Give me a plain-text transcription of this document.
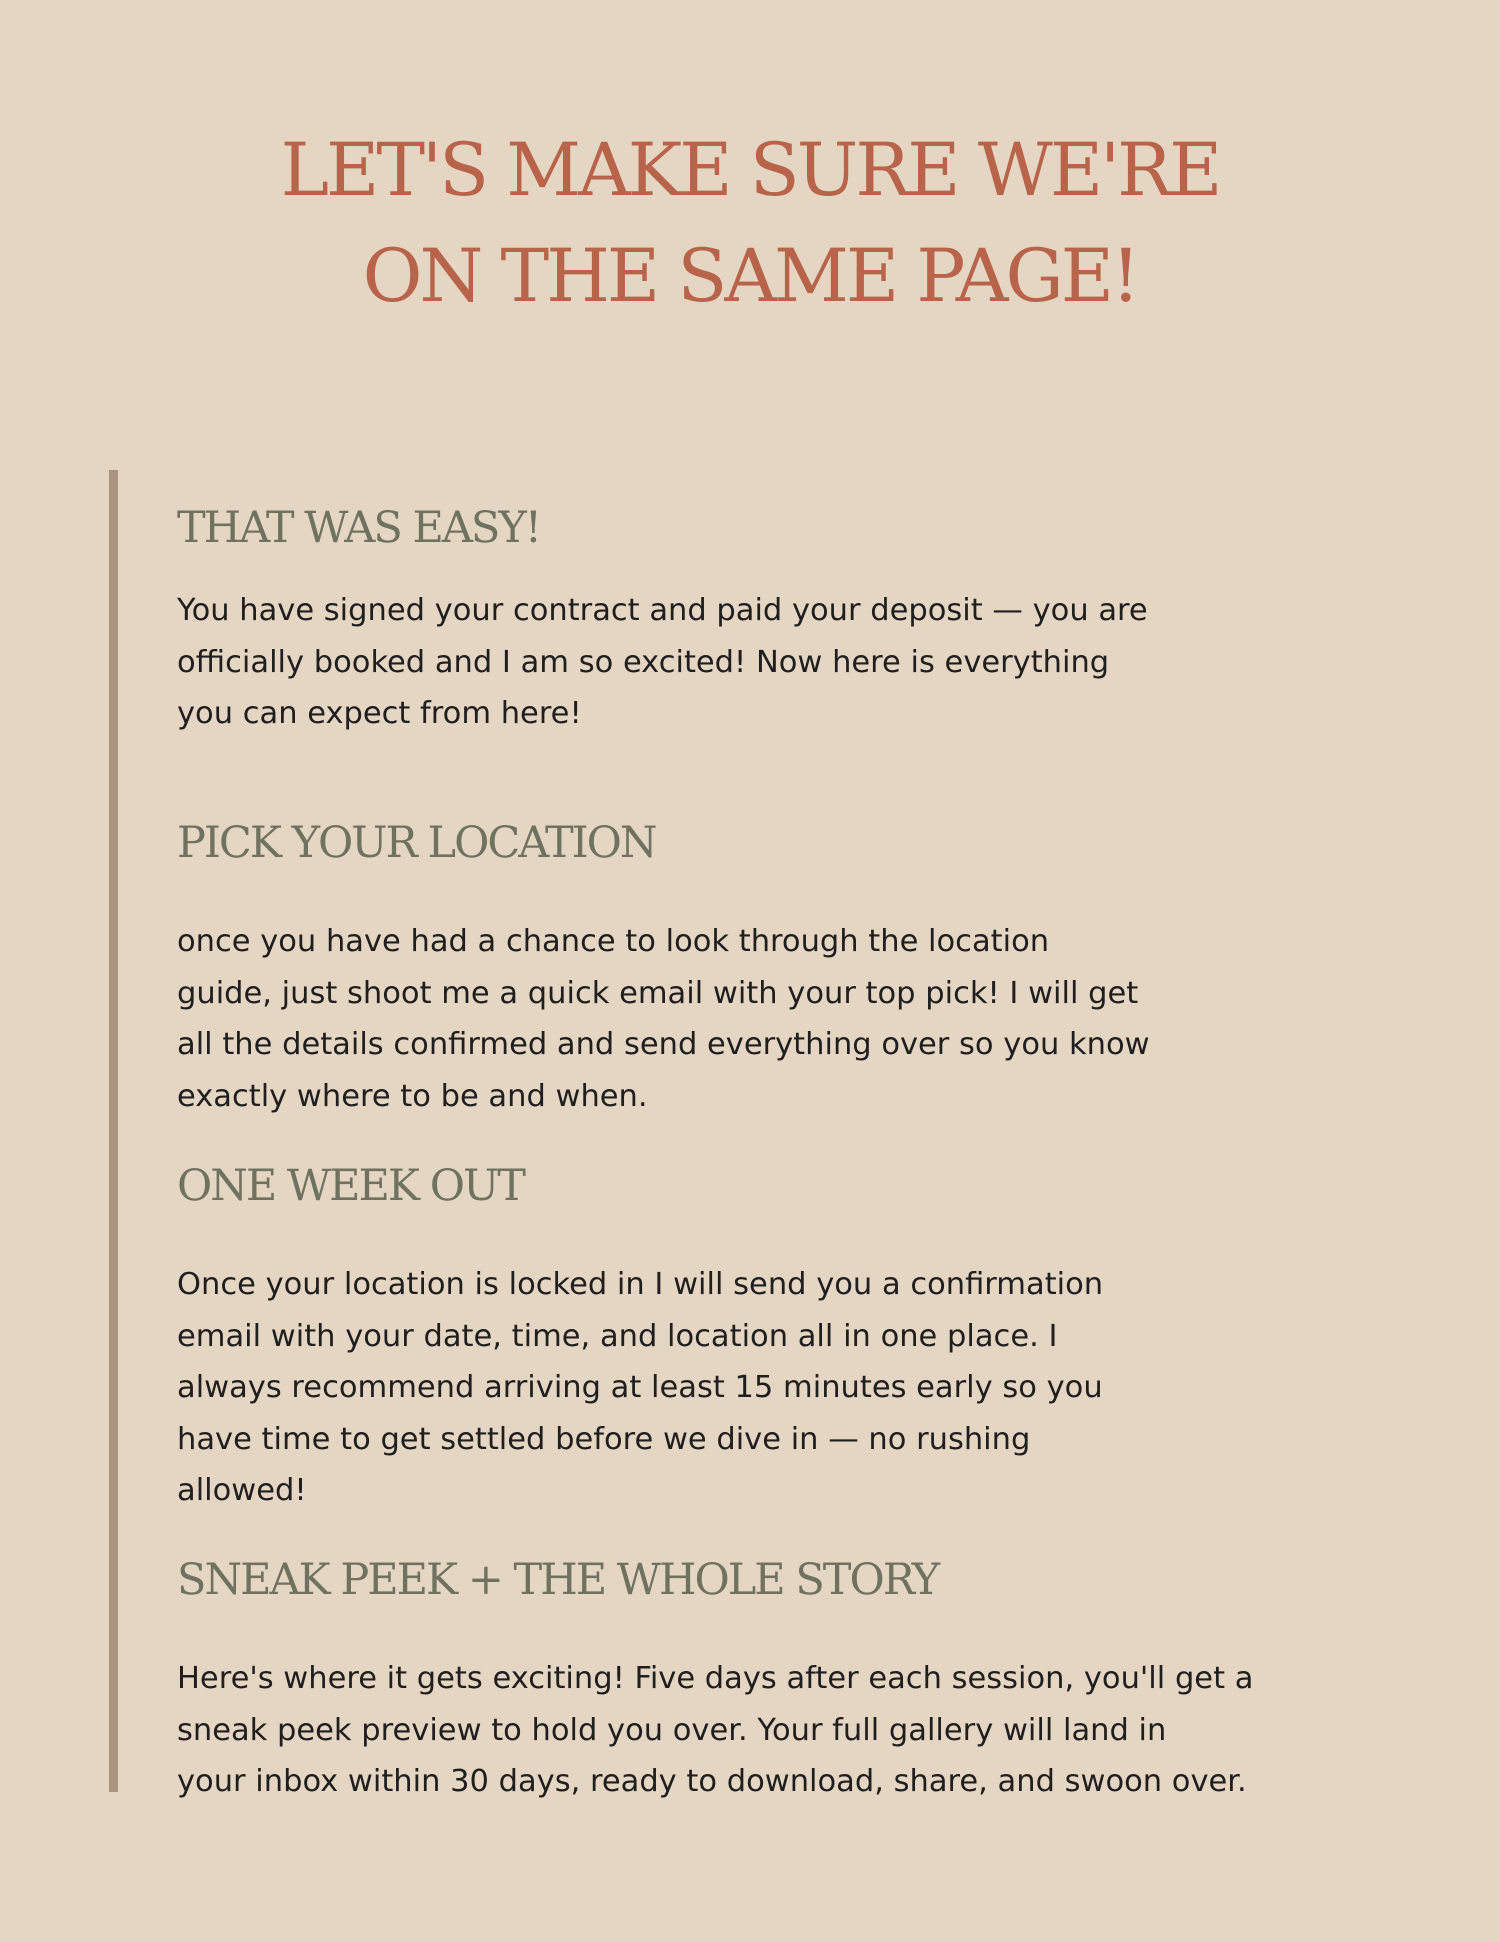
LET'S MAKE SURE WE'RE
ON THE SAME PAGE!
THAT WAS EASY!

You have signed your contract and paid your deposit — you are
officially booked and I am so excited! Now here is everything
you can expect from here!

PICK YOUR LOCATION

once you have had a chance to look through the location
guide, just shoot me a quick email with your top pick! I will get
all the details confirmed and send everything over so you know
exactly where to be and when.

ONE WEEK OUT

Once your location is locked in I will send you a confirmation
email with your date, time, and location all in one place. I
always recommend arriving at least 15 minutes early so you
have time to get settled before we dive in — no rushing
allowed!

SNEAK PEEK + THE WHOLE STORY

Here's where it gets exciting! Five days after each session, you'll get a
sneak peek preview to hold you over. Your full gallery will land in
your inbox within 30 days, ready to download, share, and swoon over.
